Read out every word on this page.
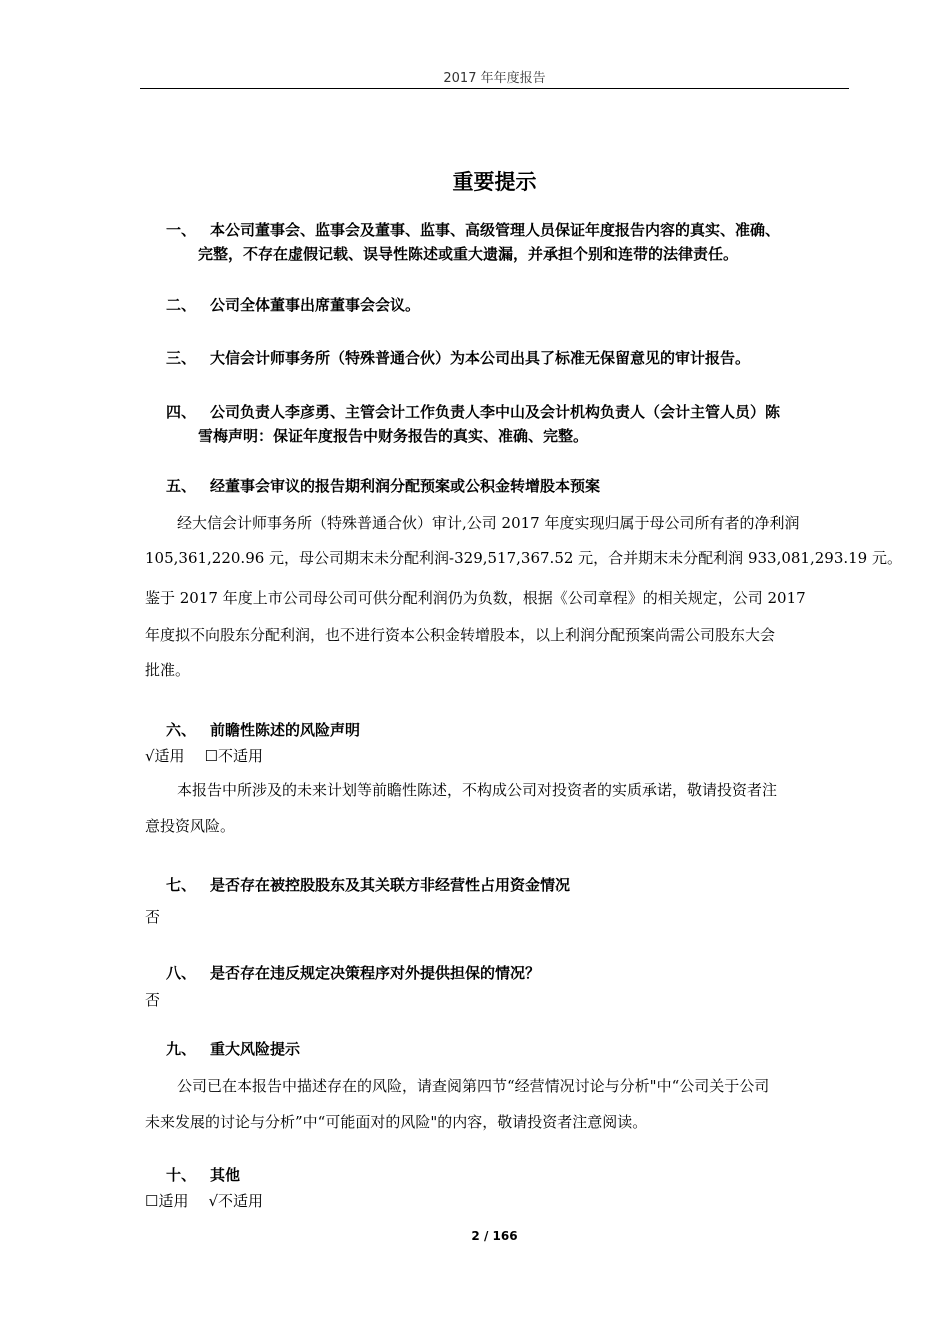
2017 年年度报告
重要提示
一、 本公司董事会、监事会及董事、监事、高级管理人员保证年度报告内容的真实、准确、
完整，不存在虚假记载、误导性陈述或重大遗漏，并承担个别和连带的法律责任。
二、 公司全体董事出席董事会会议。
三、 大信会计师事务所（特殊普通合伙）为本公司出具了标准无保留意见的审计报告。
四、 公司负责人李彦勇、主管会计工作负责人李中山及会计机构负责人（会计主管人员）陈
雪梅声明：保证年度报告中财务报告的真实、准确、完整。
五、 经董事会审议的报告期利润分配预案或公积金转增股本预案
经大信会计师事务所（特殊普通合伙）审计,公司 2017 年度实现归属于母公司所有者的净利润
105,361,220.96 元，母公司期末未分配利润-329,517,367.52 元，合并期末未分配利润 933,081,293.19 元。
鉴于 2017 年度上市公司母公司可供分配利润仍为负数，根据《公司章程》的相关规定，公司 2017
年度拟不向股东分配利润，也不进行资本公积金转增股本，以上利润分配预案尚需公司股东大会
批准。
六、 前瞻性陈述的风险声明
√适用 ☐不适用
本报告中所涉及的未来计划等前瞻性陈述，不构成公司对投资者的实质承诺，敬请投资者注
意投资风险。
七、 是否存在被控股股东及其关联方非经营性占用资金情况
否
八、 是否存在违反规定决策程序对外提供担保的情况？
否
九、 重大风险提示
公司已在本报告中描述存在的风险，请查阅第四节“经营情况讨论与分析"中“公司关于公司
未来发展的讨论与分析”中“可能面对的风险"的内容，敬请投资者注意阅读。
十、 其他
☐适用 √不适用
2 / 166
